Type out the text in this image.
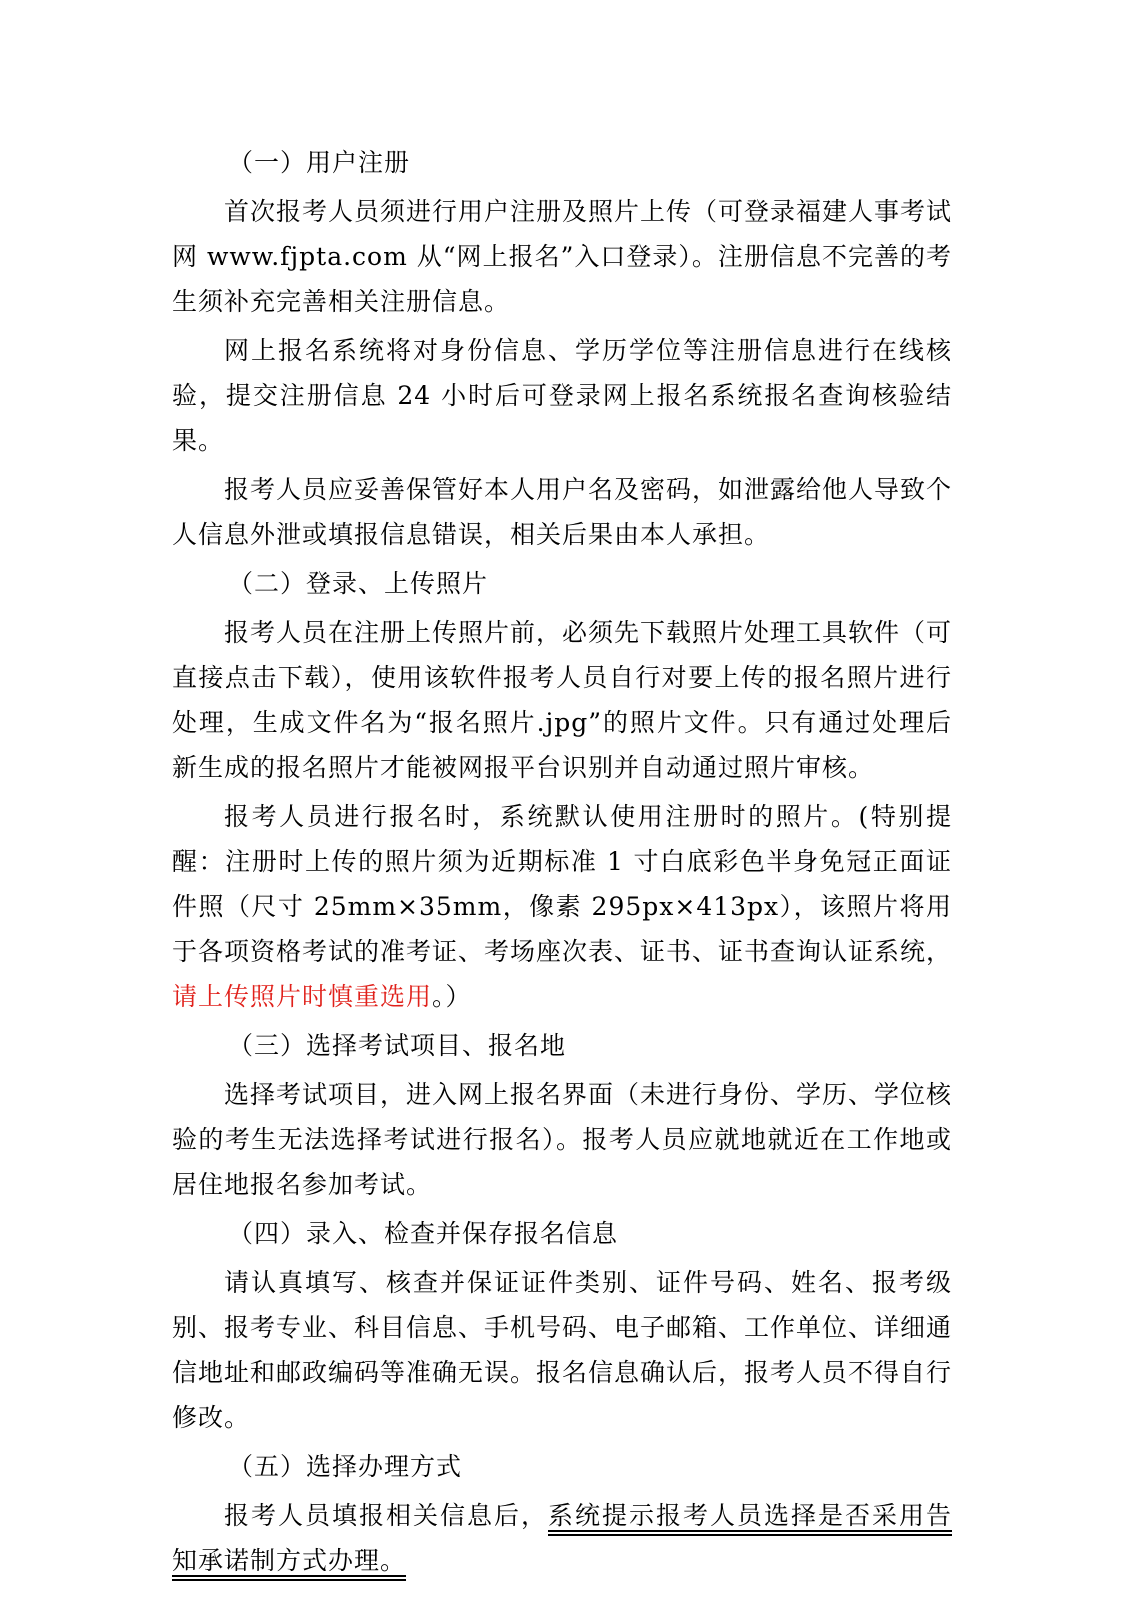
（一）用户注册

首次报考人员须进行用户注册及照片上传（可登录福建人事考试网 www.fjpta.com 从“网上报名”入口登录）。注册信息不完善的考生须补充完善相关注册信息。

网上报名系统将对身份信息、学历学位等注册信息进行在线核验，提交注册信息 24 小时后可登录网上报名系统报名查询核验结果。

报考人员应妥善保管好本人用户名及密码，如泄露给他人导致个人信息外泄或填报信息错误，相关后果由本人承担。

（二）登录、上传照片

报考人员在注册上传照片前，必须先下载照片处理工具软件（可直接点击下载），使用该软件报考人员自行对要上传的报名照片进行处理，生成文件名为“报名照片.jpg”的照片文件。只有通过处理后新生成的报名照片才能被网报平台识别并自动通过照片审核。

报考人员进行报名时，系统默认使用注册时的照片。(特别提醒：注册时上传的照片须为近期标准 1 寸白底彩色半身免冠正面证件照（尺寸 25mm×35mm，像素 295px×413px），该照片将用于各项资格考试的准考证、考场座次表、证书、证书查询认证系统，请上传照片时慎重选用。）

（三）选择考试项目、报名地

选择考试项目，进入网上报名界面（未进行身份、学历、学位核验的考生无法选择考试进行报名）。报考人员应就地就近在工作地或居住地报名参加考试。

（四）录入、检查并保存报名信息

请认真填写、核查并保证证件类别、证件号码、姓名、报考级别、报考专业、科目信息、手机号码、电子邮箱、工作单位、详细通信地址和邮政编码等准确无误。报名信息确认后，报考人员不得自行修改。

（五）选择办理方式

报考人员填报相关信息后，系统提示报考人员选择是否采用告知承诺制方式办理。
